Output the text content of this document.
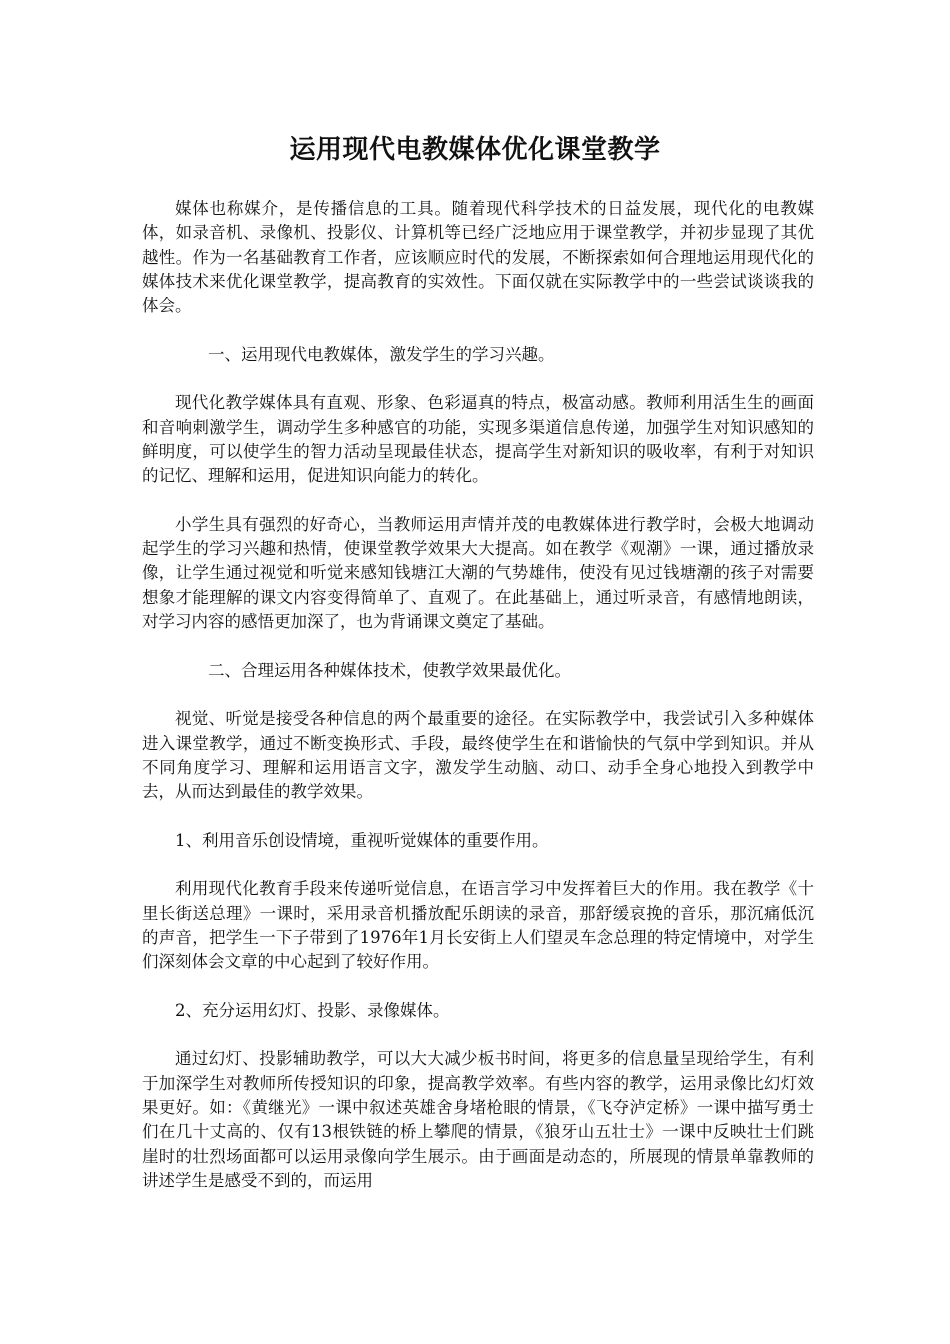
运用现代电教媒体优化课堂教学

媒体也称媒介，是传播信息的工具。随着现代科学技术的日益发展，现代化的电教媒体，如录音机、录像机、投影仪、计算机等已经广泛地应用于课堂教学，并初步显现了其优越性。作为一名基础教育工作者，应该顺应时代的发展，不断探索如何合理地运用现代化的媒体技术来优化课堂教学，提高教育的实效性。下面仅就在实际教学中的一些尝试谈谈我的体会。

一、运用现代电教媒体，激发学生的学习兴趣。

现代化教学媒体具有直观、形象、色彩逼真的特点，极富动感。教师利用活生生的画面和音响刺激学生，调动学生多种感官的功能，实现多渠道信息传递，加强学生对知识感知的鲜明度，可以使学生的智力活动呈现最佳状态，提高学生对新知识的吸收率，有利于对知识的记忆、理解和运用，促进知识向能力的转化。

小学生具有强烈的好奇心，当教师运用声情并茂的电教媒体进行教学时，会极大地调动起学生的学习兴趣和热情，使课堂教学效果大大提高。如在教学《观潮》一课，通过播放录像，让学生通过视觉和听觉来感知钱塘江大潮的气势雄伟，使没有见过钱塘潮的孩子对需要想象才能理解的课文内容变得简单了、直观了。在此基础上，通过听录音，有感情地朗读，对学习内容的感悟更加深了，也为背诵课文奠定了基础。

二、合理运用各种媒体技术，使教学效果最优化。

视觉、听觉是接受各种信息的两个最重要的途径。在实际教学中，我尝试引入多种媒体进入课堂教学，通过不断变换形式、手段，最终使学生在和谐愉快的气氛中学到知识。并从不同角度学习、理解和运用语言文字，激发学生动脑、动口、动手全身心地投入到教学中去，从而达到最佳的教学效果。

1、利用音乐创设情境，重视听觉媒体的重要作用。

利用现代化教育手段来传递听觉信息，在语言学习中发挥着巨大的作用。我在教学《十里长街送总理》一课时，采用录音机播放配乐朗读的录音，那舒缓哀挽的音乐，那沉痛低沉的声音，把学生一下子带到了1976年1月长安街上人们望灵车念总理的特定情境中，对学生们深刻体会文章的中心起到了较好作用。

2、充分运用幻灯、投影、录像媒体。

通过幻灯、投影辅助教学，可以大大减少板书时间，将更多的信息量呈现给学生，有利于加深学生对教师所传授知识的印象，提高教学效率。有些内容的教学，运用录像比幻灯效果更好。如：《黄继光》一课中叙述英雄舍身堵枪眼的情景，《飞夺泸定桥》一课中描写勇士们在几十丈高的、仅有13根铁链的桥上攀爬的情景，《狼牙山五壮士》一课中反映壮士们跳崖时的壮烈场面都可以运用录像向学生展示。由于画面是动态的，所展现的情景单靠教师的讲述学生是感受不到的，而运用
